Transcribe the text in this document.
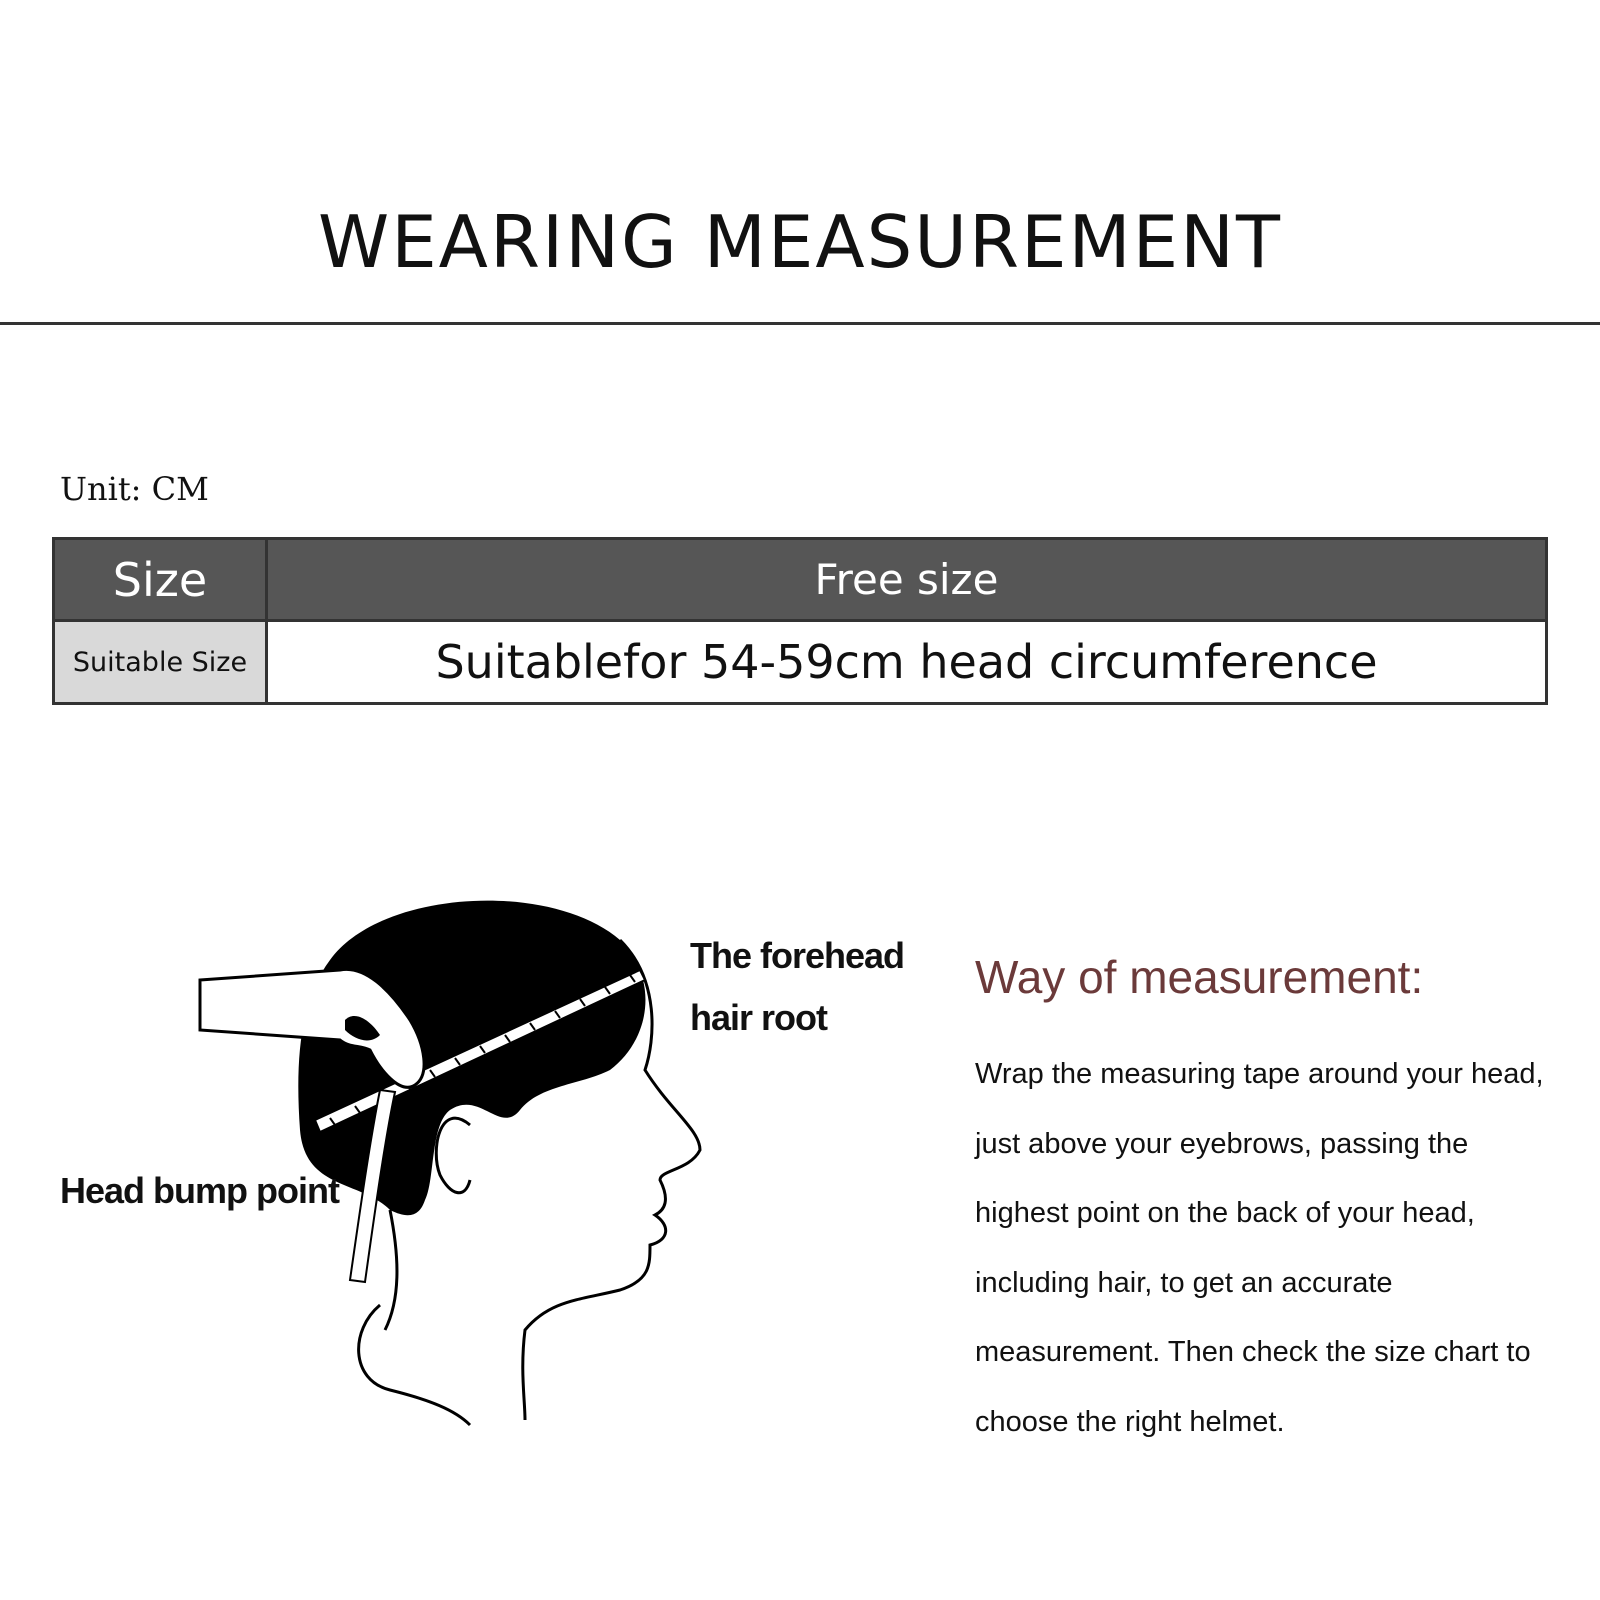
WEARING MEASUREMENT
Unit: CM
Size	Free size
Suitable Size	Suitablefor 54-59cm head circumference
The forehead hair root
Head bump point
Way of measurement:
Wrap the measuring tape around your head, just above your eyebrows, passing the highest point on the back of your head, including hair, to get an accurate measurement. Then check the size chart to choose the right helmet.
